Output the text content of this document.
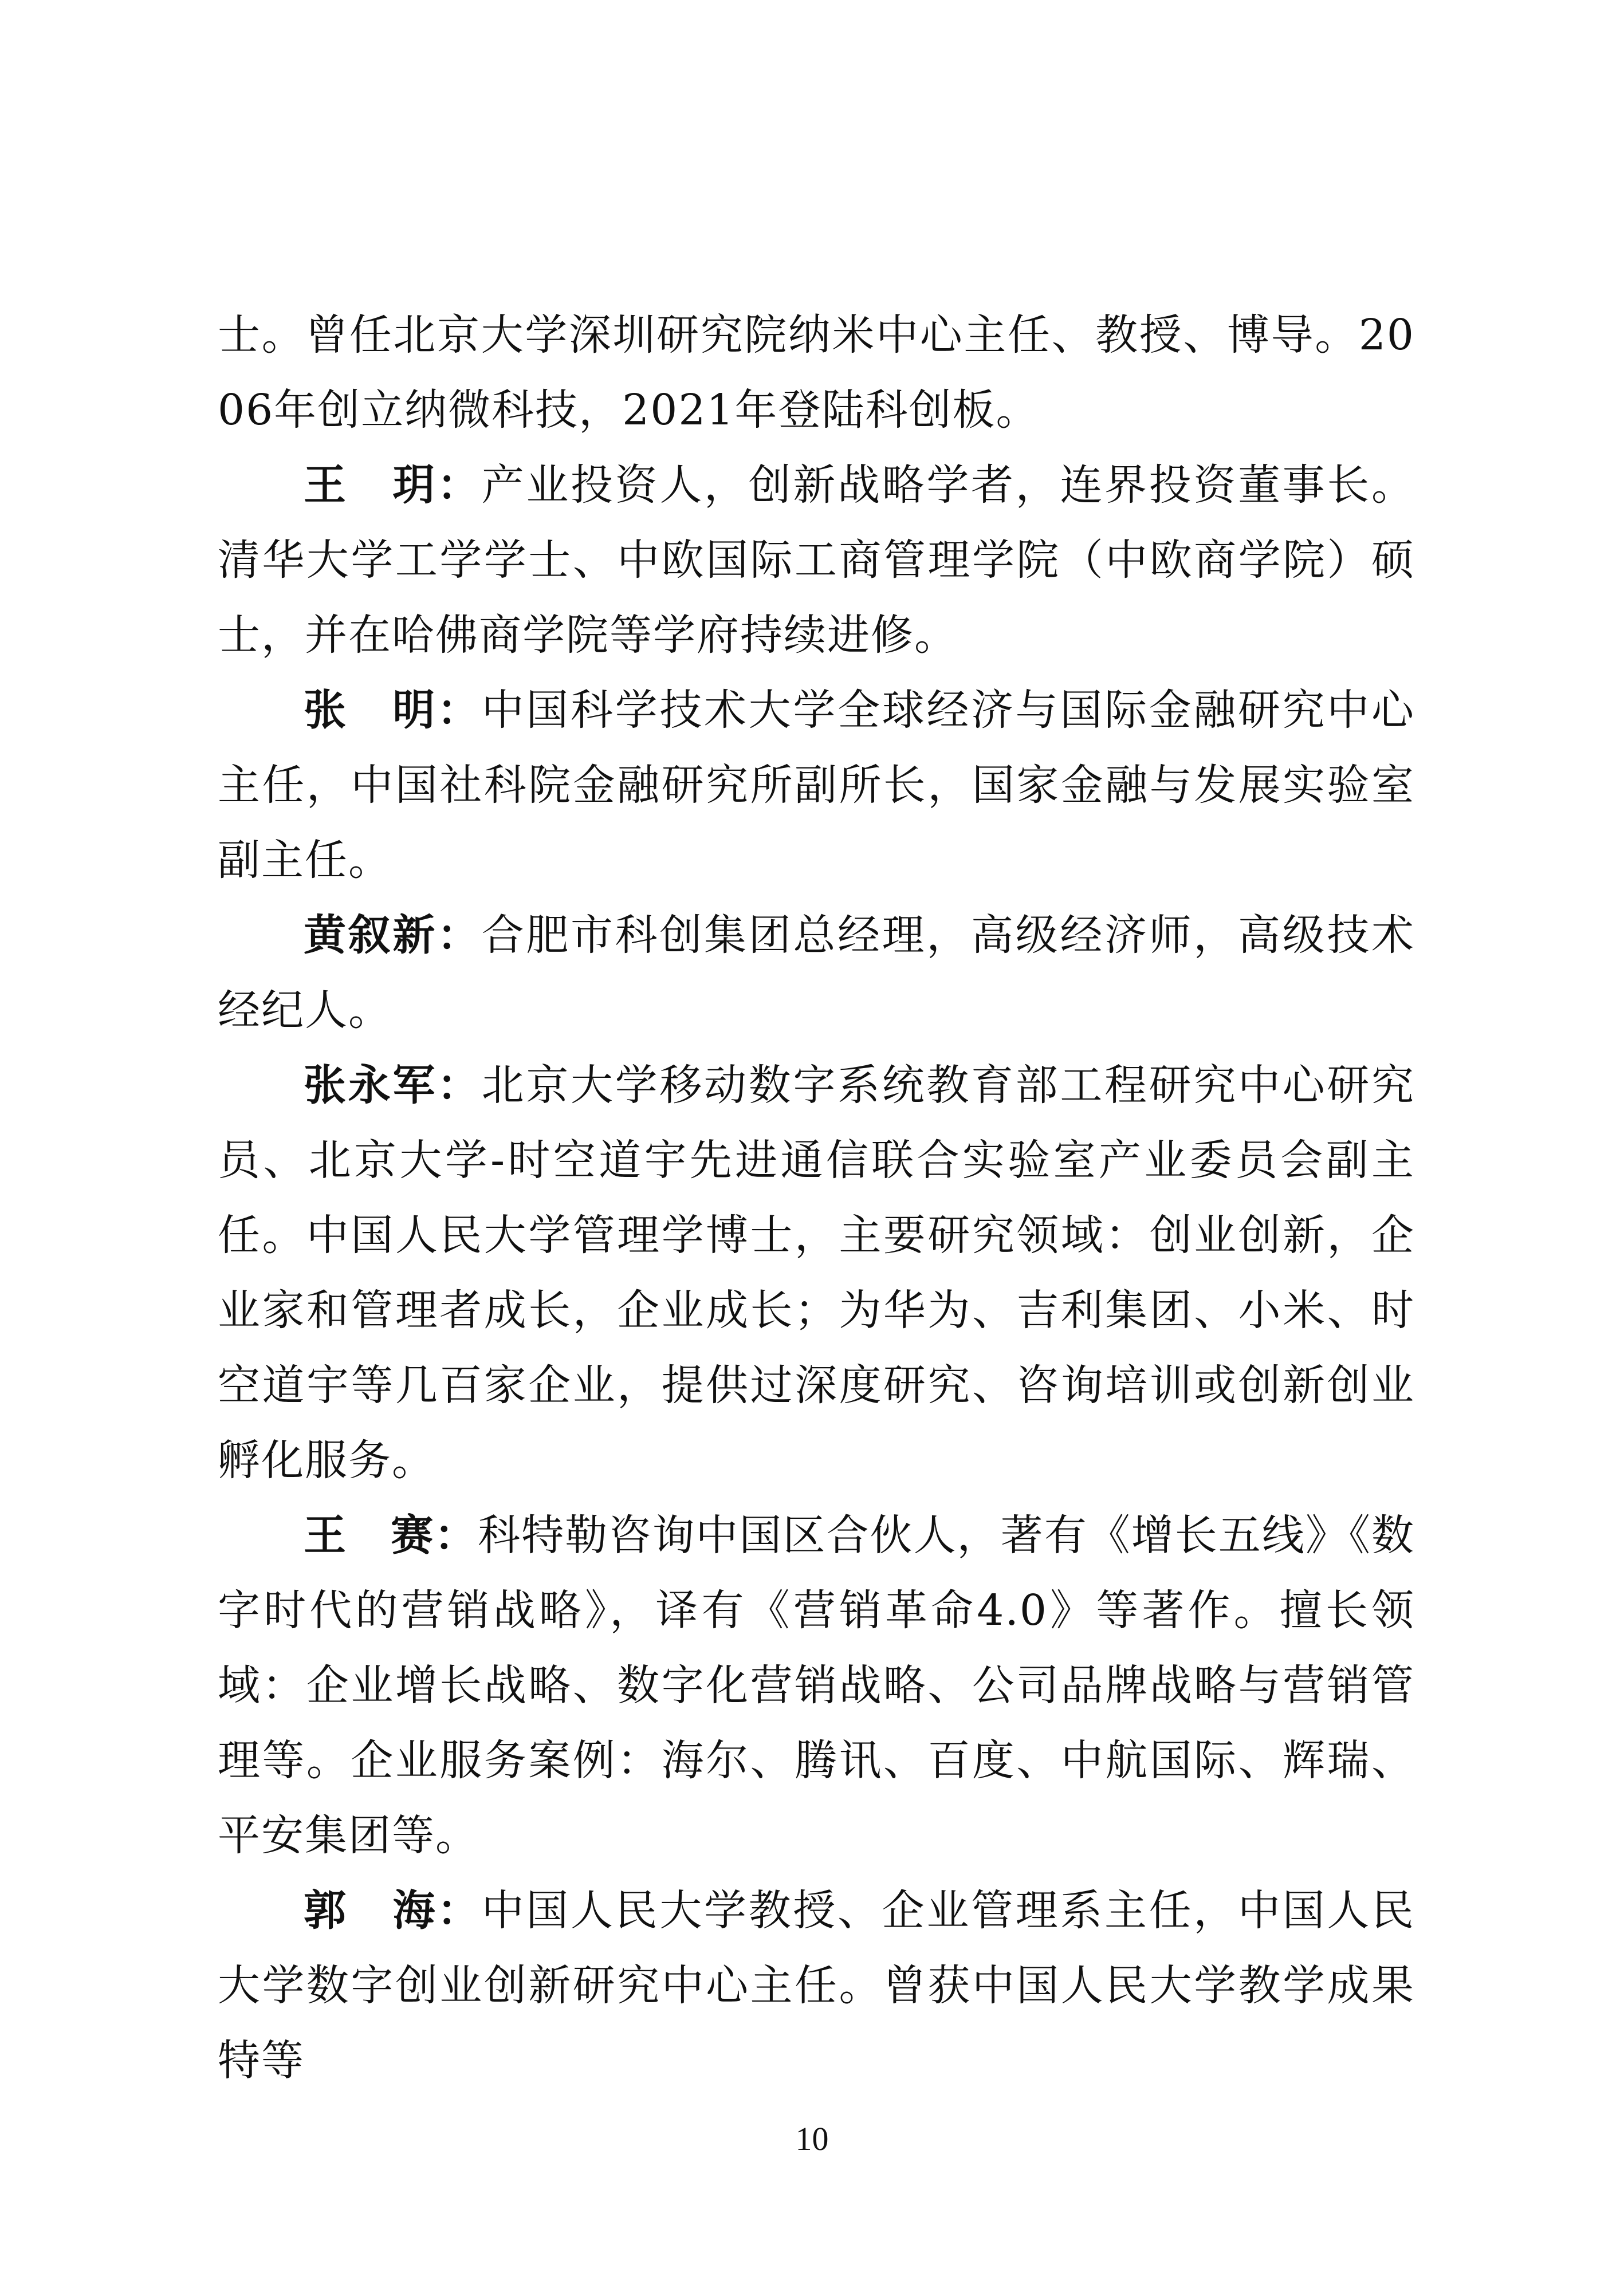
士。曾任北京大学深圳研究院纳米中心主任、教授、博导。2006年创立纳微科技，2021年登陆科创板。

王　玥：产业投资人，创新战略学者，连界投资董事长。清华大学工学学士、中欧国际工商管理学院（中欧商学院）硕士，并在哈佛商学院等学府持续进修。

张　明：中国科学技术大学全球经济与国际金融研究中心主任，中国社科院金融研究所副所长，国家金融与发展实验室副主任。

黄叙新：合肥市科创集团总经理，高级经济师，高级技术经纪人。

张永军：北京大学移动数字系统教育部工程研究中心研究员、北京大学-时空道宇先进通信联合实验室产业委员会副主任。中国人民大学管理学博士，主要研究领域：创业创新，企业家和管理者成长，企业成长；为华为、吉利集团、小米、时空道宇等几百家企业，提供过深度研究、咨询培训或创新创业孵化服务。

王　赛：科特勒咨询中国区合伙人，著有《增长五线》《数字时代的营销战略》，译有《营销革命4.0》等著作。擅长领域：企业增长战略、数字化营销战略、公司品牌战略与营销管理等。企业服务案例：海尔、腾讯、百度、中航国际、辉瑞、平安集团等。

郭　海：中国人民大学教授、企业管理系主任，中国人民大学数字创业创新研究中心主任。曾获中国人民大学教学成果特等

10
